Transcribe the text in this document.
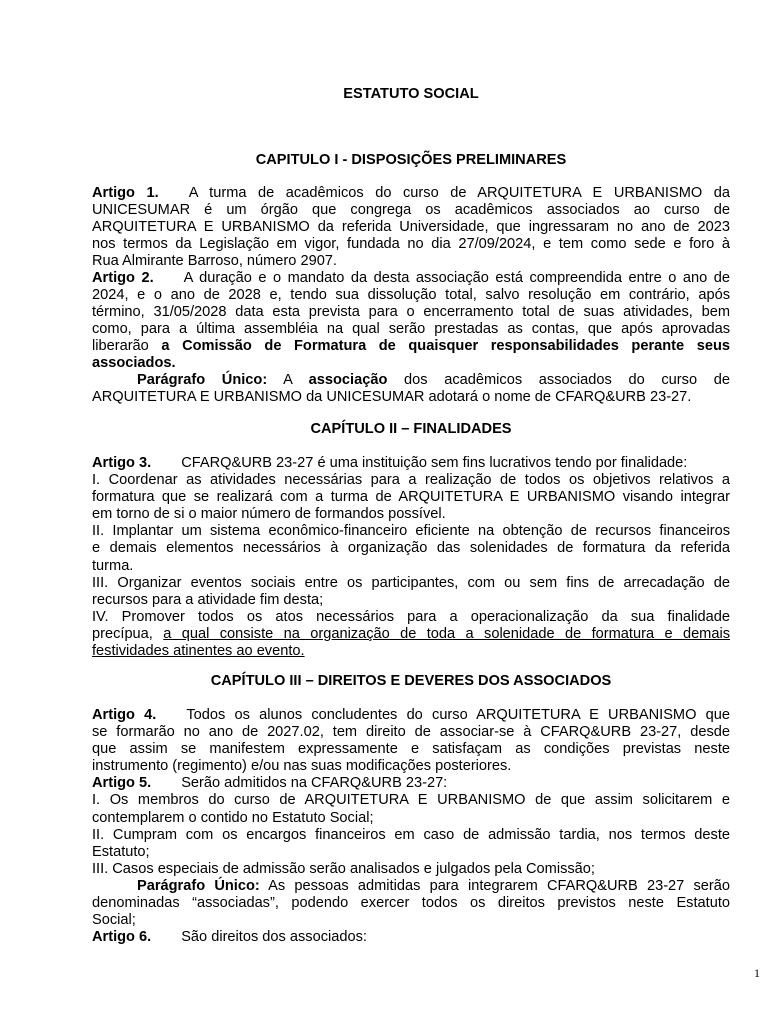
ESTATUTO SOCIAL
CAPITULO I - DISPOSIÇÕES PRELIMINARES
Artigo 1. A turma de acadêmicos do curso de ARQUITETURA E URBANISMO da
UNICESUMAR é um órgão que congrega os acadêmicos associados ao curso de
ARQUITETURA E URBANISMO da referida Universidade, que ingressaram no ano de 2023
nos termos da Legislação em vigor, fundada no dia 27/09/2024, e tem como sede e foro à
Rua Almirante Barroso, número 2907.
Artigo 2. A duração e o mandato da desta associação está compreendida entre o ano de
2024, e o ano de 2028 e, tendo sua dissolução total, salvo resolução em contrário, após
término, 31/05/2028 data esta prevista para o encerramento total de suas atividades, bem
como, para a última assembléia na qual serão prestadas as contas, que após aprovadas
liberarão a Comissão de Formatura de quaisquer responsabilidades perante seus
associados.
Parágrafo Único: A associação dos acadêmicos associados do curso de
ARQUITETURA E URBANISMO da UNICESUMAR adotará o nome de CFARQ&URB 23-27.
CAPÍTULO II – FINALIDADES
Artigo 3. CFARQ&URB 23-27 é uma instituição sem fins lucrativos tendo por finalidade:
I. Coordenar as atividades necessárias para a realização de todos os objetivos relativos a
formatura que se realizará com a turma de ARQUITETURA E URBANISMO visando integrar
em torno de si o maior número de formandos possível.
II. Implantar um sistema econômico-financeiro eficiente na obtenção de recursos financeiros
e demais elementos necessários à organização das solenidades de formatura da referida
turma.
III. Organizar eventos sociais entre os participantes, com ou sem fins de arrecadação de
recursos para a atividade fim desta;
IV. Promover todos os atos necessários para a operacionalização da sua finalidade
precípua, a qual consiste na organização de toda a solenidade de formatura e demais
festividades atinentes ao evento.
CAPÍTULO III – DIREITOS E DEVERES DOS ASSOCIADOS
Artigo 4. Todos os alunos concludentes do curso ARQUITETURA E URBANISMO que
se formarão no ano de 2027.02, tem direito de associar-se à CFARQ&URB 23-27, desde
que assim se manifestem expressamente e satisfaçam as condições previstas neste
instrumento (regimento) e/ou nas suas modificações posteriores.
Artigo 5. Serão admitidos na CFARQ&URB 23-27:
I. Os membros do curso de ARQUITETURA E URBANISMO de que assim solicitarem e
contemplarem o contido no Estatuto Social;
II. Cumpram com os encargos financeiros em caso de admissão tardia, nos termos deste
Estatuto;
III. Casos especiais de admissão serão analisados e julgados pela Comissão;
Parágrafo Único: As pessoas admitidas para integrarem CFARQ&URB 23-27 serão
denominadas “associadas”, podendo exercer todos os direitos previstos neste Estatuto
Social;
Artigo 6. São direitos dos associados:
1
